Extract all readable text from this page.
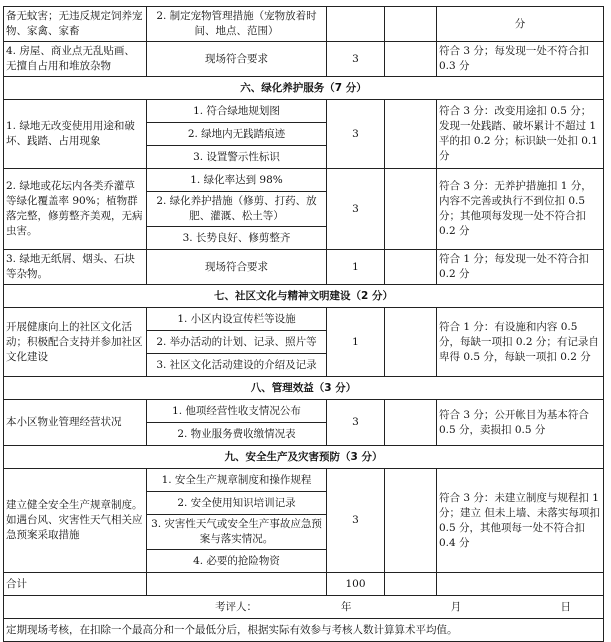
备无蚊害；无违反规定饲养宠物、家禽、家畜	2. 制定宠物管理措施（宠物放着时间、地点、范围）			分
4. 房屋、商业点无乱贴画、无擅自占用和堆放杂物	现场符合要求	3		符合 3 分；每发现一处不符合扣 0.3 分
六、绿化养护服务（7 分）				
1. 绿地无改变使用用途和破坏、践踏、占用现象	1. 符合绿地规划图	3		符合 3 分：改变用途扣 0.5 分；发现一处践踏、破坏累计不超过 1 平的扣 0.2 分；标识缺一处扣 0.1 分
	2. 绿地内无践踏痕迹			
	3. 设置警示性标识			
2. 绿地或花坛内各类乔灌草等绿化覆盖率 90%；植物群落完整，修剪整齐美观，无病虫害。	1. 绿化率达到 98%	3		符合 3 分：无养护措施扣 1 分，内容不完善或执行不到位扣 0.5 分；其他项每发现一处不符合扣 0.2 分
	2. 绿化养护措施（修剪、打药、放肥、灌溉、松土等）			
	3. 长势良好、修剪整齐			
3. 绿地无纸屑、烟头、石块等杂物。	现场符合要求	1		符合 1 分；每发现一处不符合扣 0.2 分
七、社区文化与精神文明建设（2 分）				
开展健康向上的社区文化活动；积极配合支持并参加社区文化建设	1. 小区内设宣传栏等设施	1		符合 1 分：有设施和内容 0.5 分，每缺一项扣 0.2 分；有记录自卑得 0.5 分，每缺一项扣 0.2 分
	2. 举办活动的计划、记录、照片等			
	3. 社区文化活动建设的介绍及记录			
八、管理效益（3 分）				
本小区物业管理经营状况	1. 他项经营性收支情况公布	3		符合 3 分；公开帐目为基本符合 0.5 分，卖损扣 0.5 分
	2. 物业服务费收缴情况表			
九、安全生产及灾害预防（3 分）				
建立健全安全生产规章制度。如遇台风、灾害性天气相关应急预案采取措施	1. 安全生产规章制度和操作规程	3		符合 3 分：未建立制度与规程扣 1 分；建立 但未上墙、未落实每项扣 0.5 分，其他项每一处不符合扣 0.4 分
	2. 安全使用知识培训记录			
	3. 灾害性天气或安全生产事故应急预案与落实情况。			
	4. 必要的抢险物资			
合计		100		

考评人： 年 月 日				

定期现场考核，在扣除一个最高分和一个最低分后，根据实际有效参与考核人数计算算术平均值。				
